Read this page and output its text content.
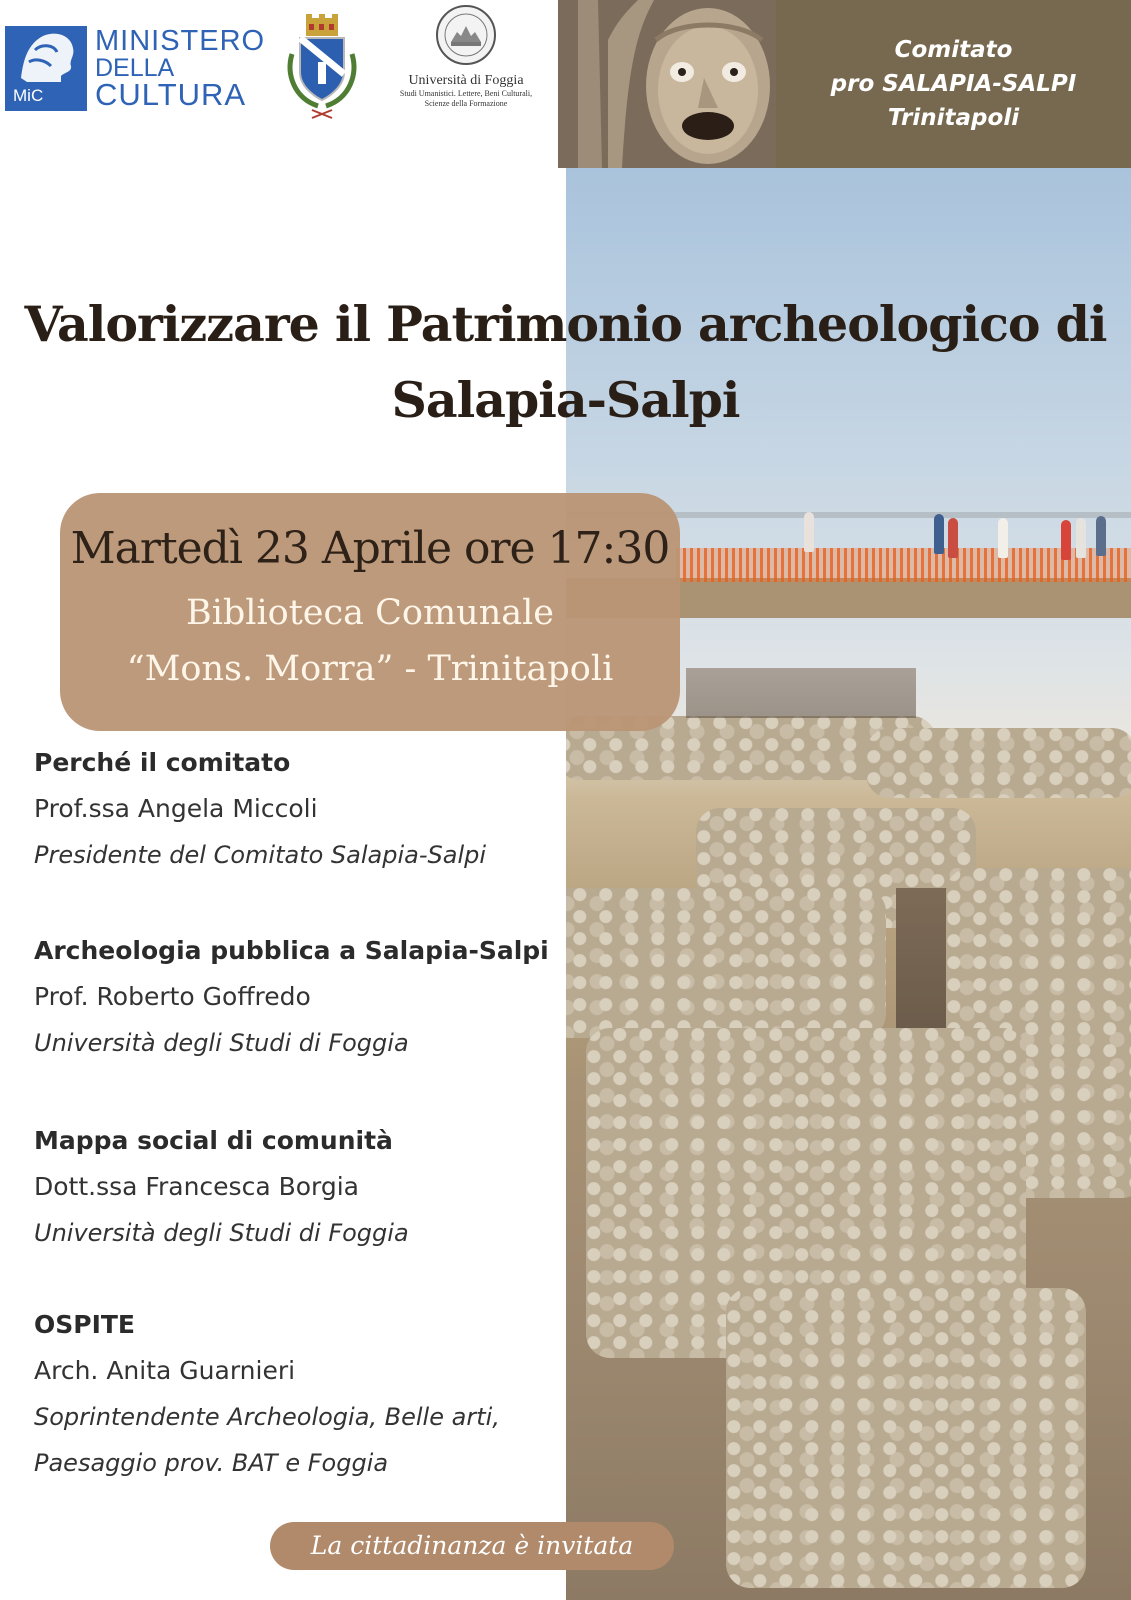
MiC
MINISTERO
DELLA
CULTURA	Università di Foggia
Studi Umanistici. Lettere, Beni Culturali,
Scienze della Formazione
Comitato
pro SALAPIA-SALPI
Trinitapoli
Valorizzare il Patrimonio archeologico di
Salapia-Salpi
Martedì 23 Aprile ore 17:30
Biblioteca Comunale
“Mons. Morra” - Trinitapoli
Perché il comitato
Prof.ssa Angela Miccoli
Presidente del Comitato Salapia-Salpi
Archeologia pubblica a Salapia-Salpi
Prof. Roberto Goffredo
Università degli Studi di Foggia
Mappa social di comunità
Dott.ssa Francesca Borgia
Università degli Studi di Foggia
OSPITE
Arch. Anita Guarnieri
Soprintendente Archeologia, Belle arti,
Paesaggio prov. BAT e Foggia
La cittadinanza è invitata
